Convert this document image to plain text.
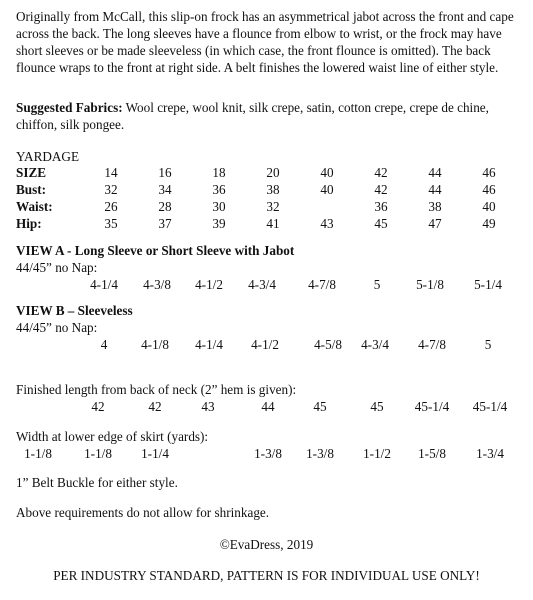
Originally from McCall, this slip-on frock has an asymmetrical jabot across the front and cape across the back. The long sleeves have a flounce from elbow to wrist, or the frock may have short sleeves or be made sleeveless (in which case, the front flounce is omitted). The back flounce wraps to the front at right side. A belt finishes the lowered waist line of either style.
Suggested Fabrics: Wool crepe, wool knit, silk crepe, satin, cotton crepe, crepe de chine, chiffon, silk pongee.
YARDAGE
SIZE	14	16	18	20	40	42	44	46
Bust:	32	34	36	38	40	42	44	46
Waist:	26	28	30	32		36	38	40
Hip:	35	37	39	41	43	45	47	49
VIEW A - Long Sleeve or Short Sleeve with Jabot
44/45” no Nap:
4-1/4 4-3/8 4-1/2 4-3/4 4-7/8	5	5-1/8 5-1/4
VIEW B – Sleeveless
44/45” no Nap:
4	4-1/8 4-1/4 4-1/2	4-5/8 4-3/4 4-7/8	5
Finished length from back of neck (2” hem is given):
42	42	43	44	45	45 45-1/4 45-1/4
Width at lower edge of skirt (yards):
1-1/8 1-1/8 1-1/4	1-3/8 1-3/8 1-1/2 1-5/8 1-3/4
1” Belt Buckle for either style.
Above requirements do not allow for shrinkage.
©EvaDress, 2019
PER INDUSTRY STANDARD, PATTERN IS FOR INDIVIDUAL USE ONLY!
